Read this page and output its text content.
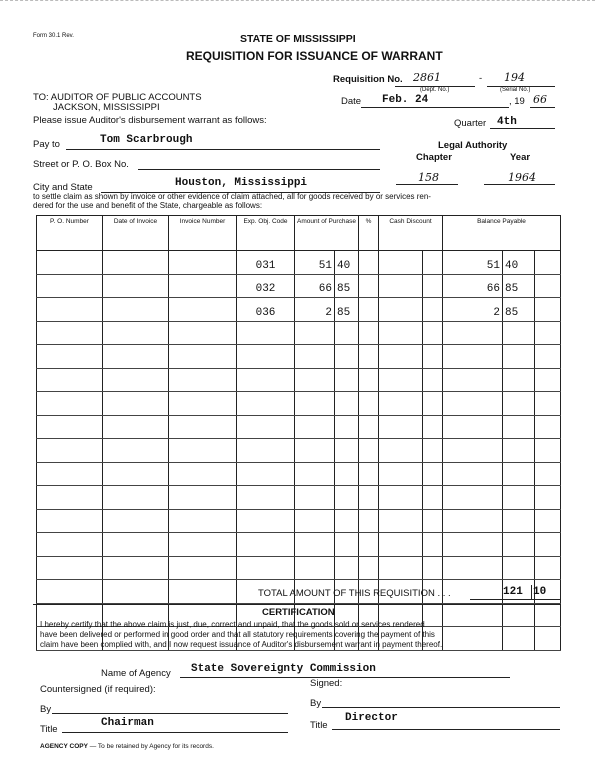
Form 30.1 Rev.	STATE OF MISSISSIPPI
REQUISITION FOR ISSUANCE OF WARRANT
Requisition No. 2861	- 194
(Dept. No.)	(Serial No.)
TO: AUDITOR OF PUBLIC ACCOUNTS
JACKSON, MISSISSIPPI
Please issue Auditor's disbursement warrant as follows:
Date Feb. 24	, 19 66
Quarter 4th
Pay to	Tom Scarbrough	Legal Authority
Chapter	Year
Street or P. O. Box No.
City and State	Houston, Mississippi	158	1964
to settle claim as shown by invoice or other evidence of claim attached, all for goods received by or services ren-
dered for the use and benefit of the State, chargeable as follows:
P. O. Number	Date of Invoice	Invoice Number	Exp. Obj. Code	Amount of Purchase		%	Cash Discount		Balance Payable		
			031	51	40				51	40	
			032	66	85				66	85	
			036	2	85				2	85	

TOTAL AMOUNT OF THIS REQUISITION . . .	121 10
CERTIFICATION
I hereby certify that the above claim is just, due, correct and unpaid, that the goods sold or services rendered
have been delivered or performed in good order and that all statutory requirements covering the payment of this
claim have been complied with, and I now request issuance of Auditor's disbursement warrant in payment thereof.
Name of Agency State Sovereignty Commission
Countersigned (if required):
Signed:
By
By
Title
Chairman	Title
Director
AGENCY COPY — To be retained by Agency for its records.
